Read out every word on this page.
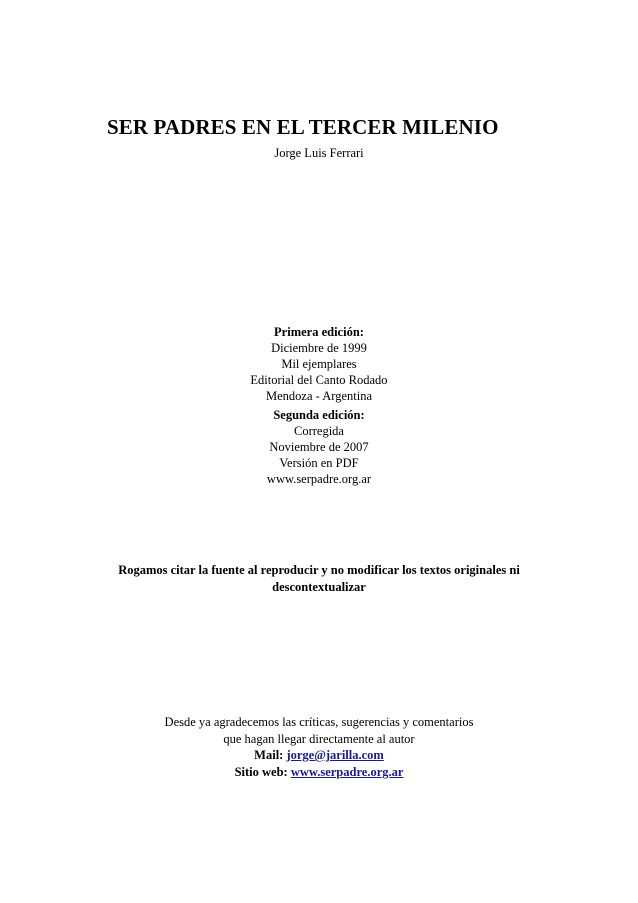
SER PADRES EN EL TERCER MILENIO
Jorge Luis Ferrari
Primera edición:
Diciembre de 1999
Mil ejemplares
Editorial del Canto Rodado
Mendoza - Argentina
Segunda edición:
Corregida
Noviembre de 2007
Versión en PDF
www.serpadre.org.ar
Rogamos citar la fuente al reproducir y no modificar los textos originales ni
descontextualizar
Desde ya agradecemos las críticas, sugerencias y comentarios
que hagan llegar directamente al autor
Mail: jorge@jarilla.com
Sitio web: www.serpadre.org.ar
